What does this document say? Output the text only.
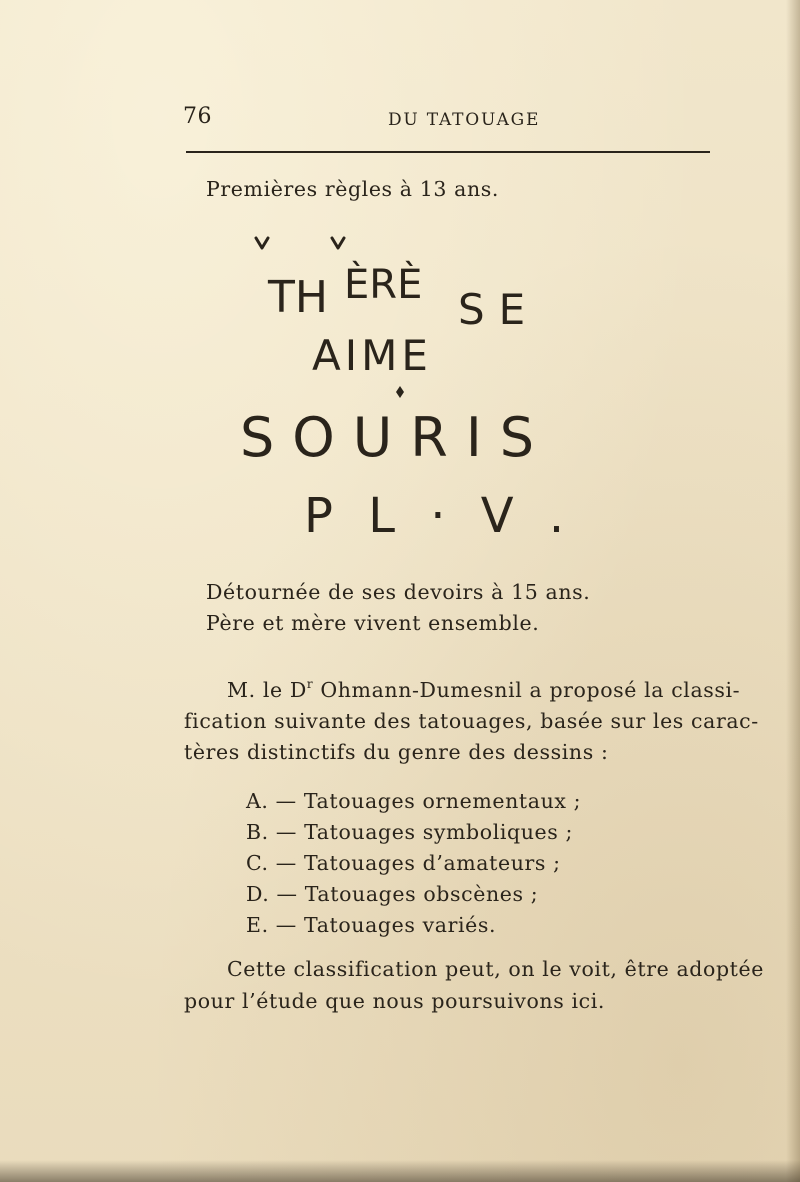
76	DU TATOUAGE
Premières règles à 13 ans.
TH ÈRÈ SE
AIME
SOURIS
P L · V .
Détournée de ses devoirs à 15 ans.
Père et mère vivent ensemble.
M. le $D^r$ Ohmann-Dumesnil a proposé la classi-
fication suivante des tatouages, basée sur les carac-
tères distinctifs du genre des dessins :
A. — Tatouages ornementaux ;
B. — Tatouages symboliques ;
C. — Tatouages d’amateurs ;
D. — Tatouages obscènes ;
E. — Tatouages variés.
Cette classification peut, on le voit, être adoptée
pour l’étude que nous poursuivons ici.
